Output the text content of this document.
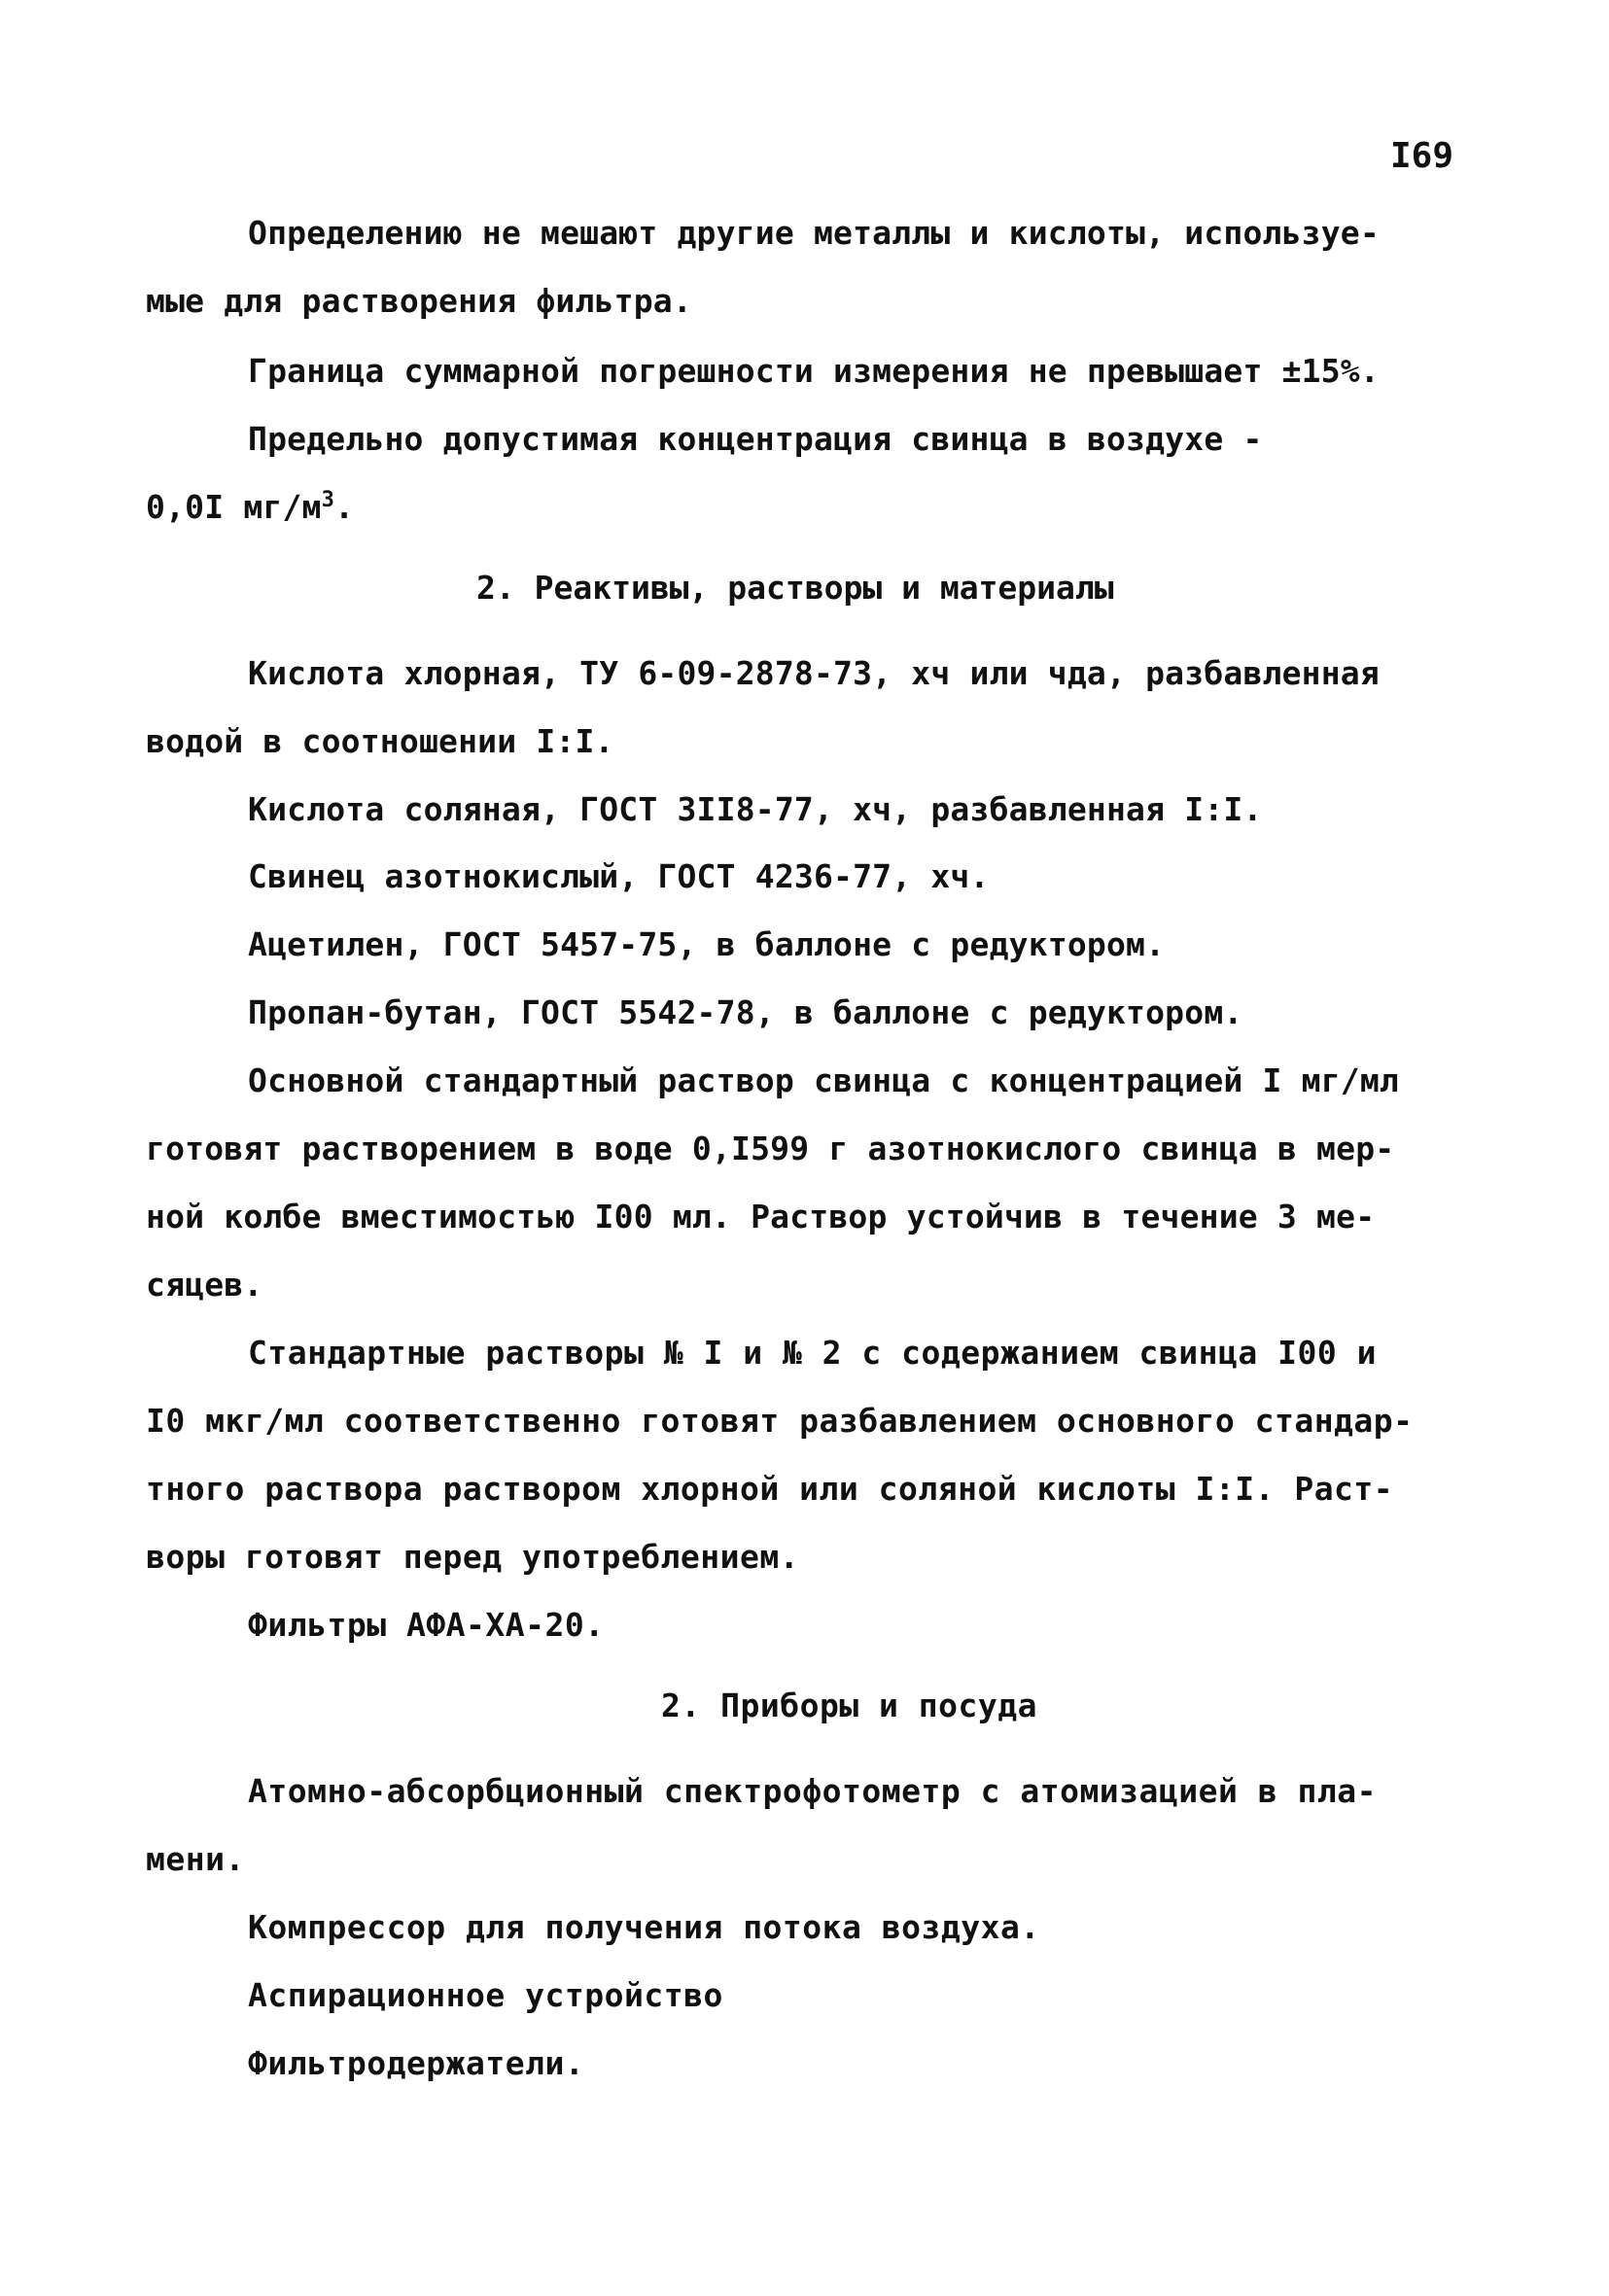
I69
Определению не мешают другие металлы и кислоты, используе-
мые для растворения фильтра.
Граница суммарной погрешности измерения не превышает ±15%.
Предельно допустимая концентрация свинца в воздухе -
0,0I $мг/м^3$.
2. Реактивы, растворы и материалы
Кислота хлорная, ТУ 6-09-2878-73, хч или чда, разбавленная
водой в соотношении I:I.
Кислота соляная, ГОСТ 3II8-77, хч, разбавленная I:I.
Свинец азотнокислый, ГОСТ 4236-77, хч.
Ацетилен, ГОСТ 5457-75, в баллоне с редуктором.
Пропан-бутан, ГОСТ 5542-78, в баллоне с редуктором.
Основной стандартный раствор свинца с концентрацией I мг/мл
готовят растворением в воде 0,I599 г азотнокислого свинца в мер-
ной колбе вместимостью I00 мл. Раствор устойчив в течение 3 ме-
сяцев.
Стандартные растворы № I и № 2 с содержанием свинца I00 и
I0 мкг/мл соответственно готовят разбавлением основного стандар-
тного раствора раствором хлорной или соляной кислоты I:I. Раст-
воры готовят перед употреблением.
Фильтры АФА-ХА-20.
2. Приборы и посуда
Атомно-абсорбционный спектрофотометр с атомизацией в пла-
мени.
Компрессор для получения потока воздуха.
Аспирационное устройство
Фильтродержатели.
